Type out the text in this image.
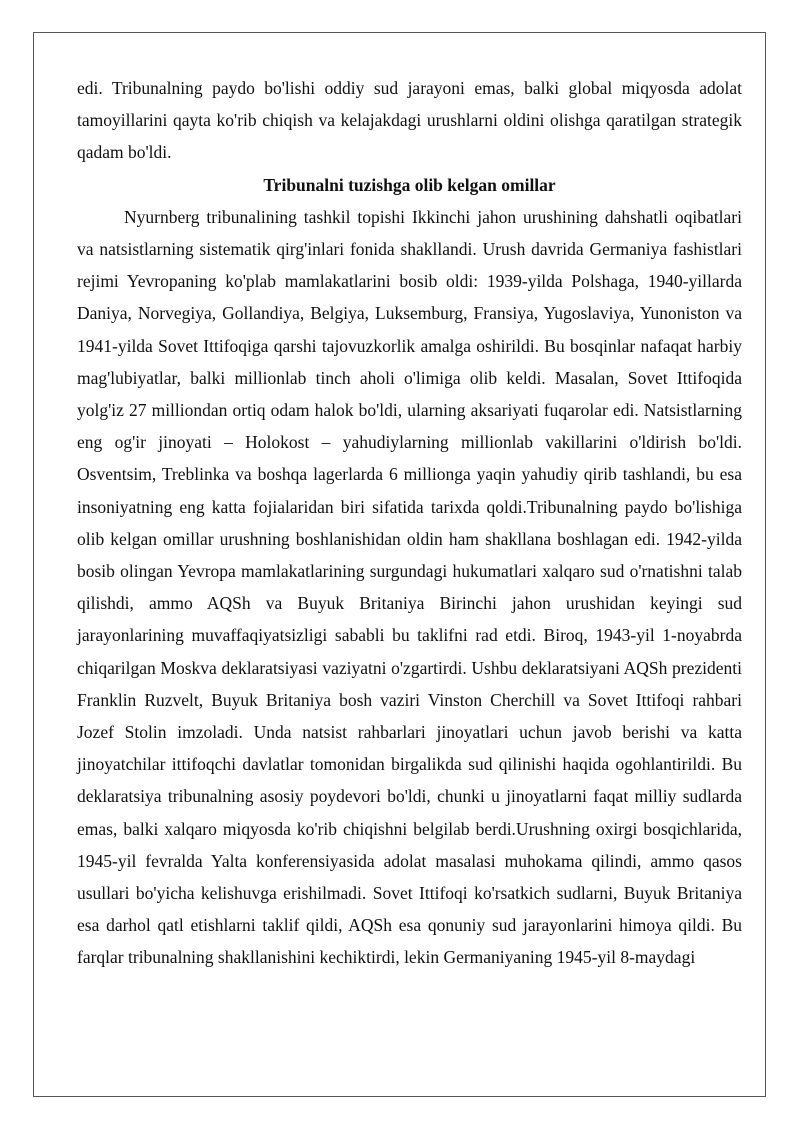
edi. Tribunalning paydo bo'lishi oddiy sud jarayoni emas, balki global miqyosda adolat tamoyillarini qayta ko'rib chiqish va kelajakdagi urushlarni oldini olishga qaratilgan strategik qadam bo'ldi.

Tribunalni tuzishga olib kelgan omillar

Nyurnberg tribunalining tashkil topishi Ikkinchi jahon urushining dahshatli oqibatlari va natsistlarning sistematik qirg'inlari fonida shakllandi. Urush davrida Germaniya fashistlari rejimi Yevropaning ko'plab mamlakatlarini bosib oldi: 1939-yilda Polshaga, 1940-yillarda Daniya, Norvegiya, Gollandiya, Belgiya, Luksemburg, Fransiya, Yugoslaviya, Yunoniston va 1941-yilda Sovet Ittifoqiga qarshi tajovuzkorlik amalga oshirildi. Bu bosqinlar nafaqat harbiy mag'lubiyatlar, balki millionlab tinch aholi o'limiga olib keldi. Masalan, Sovet Ittifoqida yolg'iz 27 milliondan ortiq odam halok bo'ldi, ularning aksariyati fuqarolar edi. Natsistlarning eng og'ir jinoyati – Holokost – yahudiylarning millionlab vakillarini o'ldirish bo'ldi. Osventsim, Treblinka va boshqa lagerlarda 6 millionga yaqin yahudiy qirib tashlandi, bu esa insoniyatning eng katta fojialaridan biri sifatida tarixda qoldi.Tribunalning paydo bo'lishiga olib kelgan omillar urushning boshlanishidan oldin ham shakllana boshlagan edi. 1942-yilda bosib olingan Yevropa mamlakatlarining surgundagi hukumatlari xalqaro sud o'rnatishni talab qilishdi, ammo AQSh va Buyuk Britaniya Birinchi jahon urushidan keyingi sud jarayonlarining muvaffaqiyatsizligi sababli bu taklifni rad etdi. Biroq, 1943-yil 1-noyabrda chiqarilgan Moskva deklaratsiyasi vaziyatni o'zgartirdi. Ushbu deklaratsiyani AQSh prezidenti Franklin Ruzvelt, Buyuk Britaniya bosh vaziri Vinston Cherchill va Sovet Ittifoqi rahbari Jozef Stolin imzoladi. Unda natsist rahbarlari jinoyatlari uchun javob berishi va katta jinoyatchilar ittifoqchi davlatlar tomonidan birgalikda sud qilinishi haqida ogohlantirildi. Bu deklaratsiya tribunalning asosiy poydevori bo'ldi, chunki u jinoyatlarni faqat milliy sudlarda emas, balki xalqaro miqyosda ko'rib chiqishni belgilab berdi.Urushning oxirgi bosqichlarida, 1945-yil fevralda Yalta konferensiyasida adolat masalasi muhokama qilindi, ammo qasos usullari bo'yicha kelishuvga erishilmadi. Sovet Ittifoqi ko'rsatkich sudlarni, Buyuk Britaniya esa darhol qatl etishlarni taklif qildi, AQSh esa qonuniy sud jarayonlarini himoya qildi. Bu farqlar tribunalning shakllanishini kechiktirdi, lekin Germaniyaning 1945-yil 8-maydagi
